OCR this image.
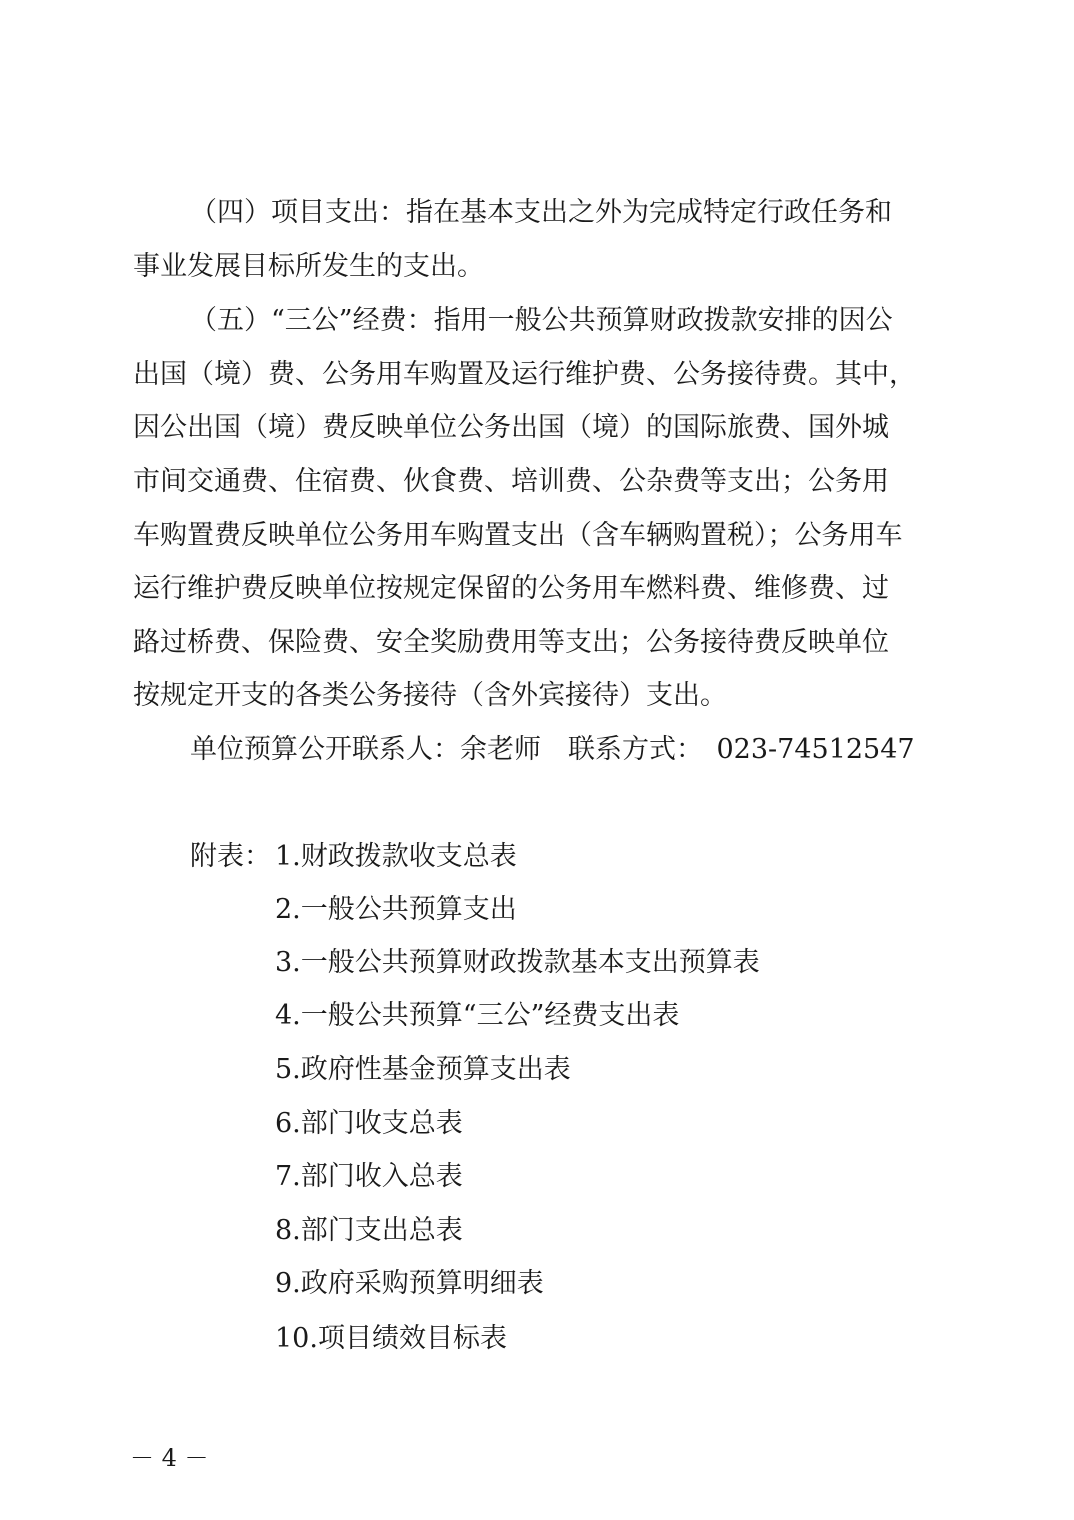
（四）项目支出：指在基本支出之外为完成特定行政任务和
事业发展目标所发生的支出。
（五）“三公”经费：指用一般公共预算财政拨款安排的因公
出国（境）费、公务用车购置及运行维护费、公务接待费。其中，
因公出国（境）费反映单位公务出国（境）的国际旅费、国外城
市间交通费、住宿费、伙食费、培训费、公杂费等支出；公务用
车购置费反映单位公务用车购置支出（含车辆购置税）；公务用车
运行维护费反映单位按规定保留的公务用车燃料费、维修费、过
路过桥费、保险费、安全奖励费用等支出；公务接待费反映单位
按规定开支的各类公务接待（含外宾接待）支出。
单位预算公开联系人：余老师　联系方式：　023-74512547
附表： 1.财政拨款收支总表
2.一般公共预算支出
3.一般公共预算财政拨款基本支出预算表
4.一般公共预算“三公”经费支出表
5.政府性基金预算支出表
6.部门收支总表
7.部门收入总表
8.部门支出总表
9.政府采购预算明细表
10.项目绩效目标表
－ 4 －
